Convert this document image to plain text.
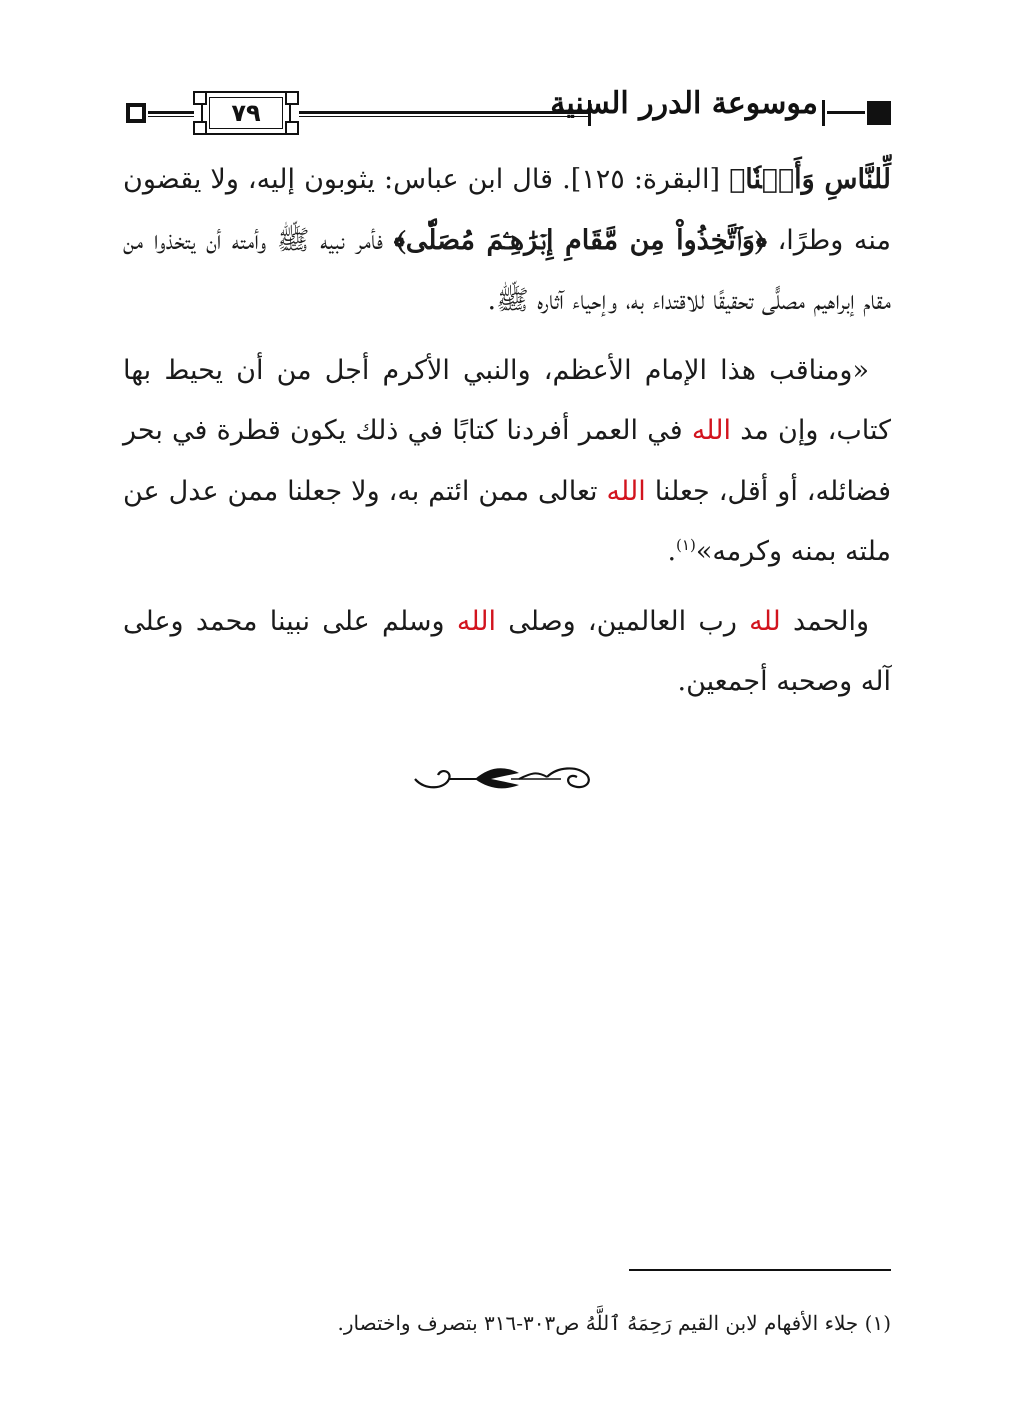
٧٩	موسوعة الدرر السنية

لِّلنَّاسِ وَأَمۡنٗا﴾ [البقرة: ١٢٥]. قال ابن عباس: يثوبون إليه، ولا يقضون منه وطرًا، ﴿وَٱتَّخِذُواْ مِن مَّقَامِ إِبۡرَٰهِـۧمَ مُصَلّٗى﴾ فأمر نبيه ﷺ وأمته أن يتخذوا من مقام إبراهيم مصلًّى تحقيقًا للاقتداء به، وإحياء آثاره ﷺ.

«ومناقب هذا الإمام الأعظم، والنبي الأكرم أجل من أن يحيط بها كتاب، وإن مد الله في العمر أفردنا كتابًا في ذلك يكون قطرة في بحر فضائله، أو أقل، جعلنا الله تعالى ممن ائتم به، ولا جعلنا ممن عدل عن ملته بمنه وكرمه»$^{(١)}$.

والحمد لله رب العالمين، وصلى الله وسلم على نبينا محمد وعلى آله وصحبه أجمعين.

(١) جلاء الأفهام لابن القيم رَحِمَهُ ٱللَّهُ ص٣٠٣-٣١٦ بتصرف واختصار.
